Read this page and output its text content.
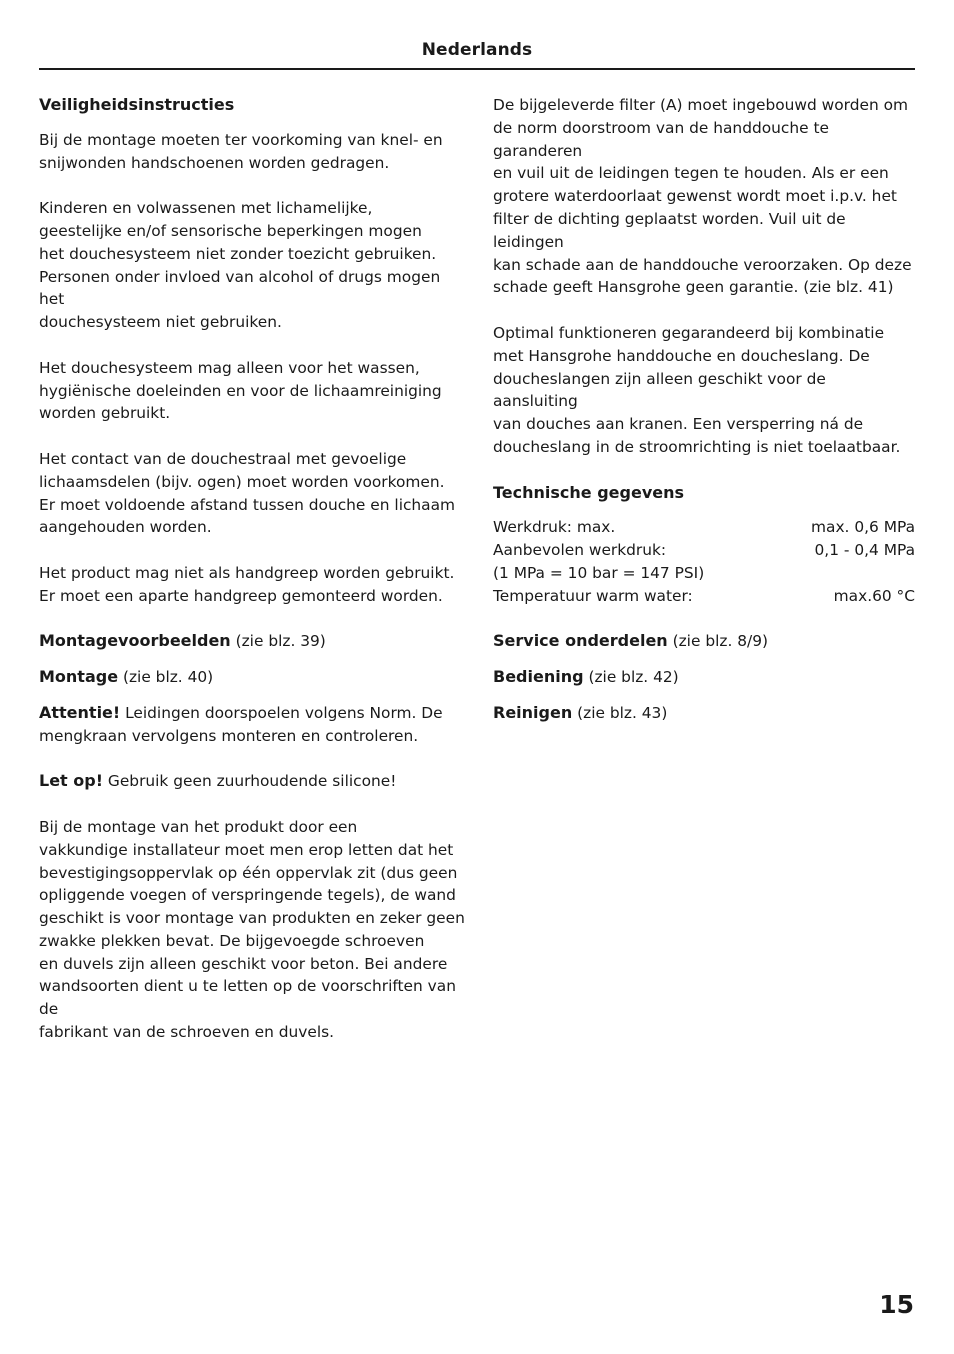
Nederlands

Veiligheidsinstructies

Bij de montage moeten ter voorkoming van knel- en
snijwonden handschoenen worden gedragen.

Kinderen en volwassenen met lichamelijke,
geestelijke en/of sensorische beperkingen mogen
het douchesysteem niet zonder toezicht gebruiken.
Personen onder invloed van alcohol of drugs mogen het
douchesysteem niet gebruiken.

Het douchesysteem mag alleen voor het wassen,
hygiënische doeleinden en voor de lichaamreiniging
worden gebruikt.

Het contact van de douchestraal met gevoelige
lichaamsdelen (bijv. ogen) moet worden voorkomen.
Er moet voldoende afstand tussen douche en lichaam
aangehouden worden.

Het product mag niet als handgreep worden gebruikt.
Er moet een aparte handgreep gemonteerd worden.

Montagevoorbeelden (zie blz. 39)

Montage (zie blz. 40)

Attentie! Leidingen doorspoelen volgens Norm. De
mengkraan vervolgens monteren en controleren.

Let op! Gebruik geen zuurhoudende silicone!

Bij de montage van het produkt door een
vakkundige installateur moet men erop letten dat het
bevestigingsoppervlak op één oppervlak zit (dus geen
opliggende voegen of verspringende tegels), de wand
geschikt is voor montage van produkten en zeker geen
zwakke plekken bevat. De bijgevoegde schroeven
en duvels zijn alleen geschikt voor beton. Bei andere
wandsoorten dient u te letten op de voorschriften van de
fabrikant van de schroeven en duvels.

De bijgeleverde filter (A) moet ingebouwd worden om
de norm doorstroom van de handdouche te garanderen
en vuil uit de leidingen tegen te houden. Als er een
grotere waterdoorlaat gewenst wordt moet i.p.v. het
filter de dichting geplaatst worden. Vuil uit de leidingen
kan schade aan de handdouche veroorzaken. Op deze
schade geeft Hansgrohe geen garantie. (zie blz. 41)

Optimal funktioneren gegarandeerd bij kombinatie
met Hansgrohe handdouche en doucheslang. De
doucheslangen zijn alleen geschikt voor de aansluiting
van douches aan kranen. Een versperring ná de
doucheslang in de stroomrichting is niet toelaatbaar.

Technische gegevens

Werkdruk: max.	max. 0,6 MPa
Aanbevolen werkdruk:	0,1 - 0,4 MPa
(1 MPa = 10 bar = 147 PSI)
Temperatuur warm water:	max.60 °C

Service onderdelen (zie blz. 8/9)

Bediening (zie blz. 42)

Reinigen (zie blz. 43)

15
